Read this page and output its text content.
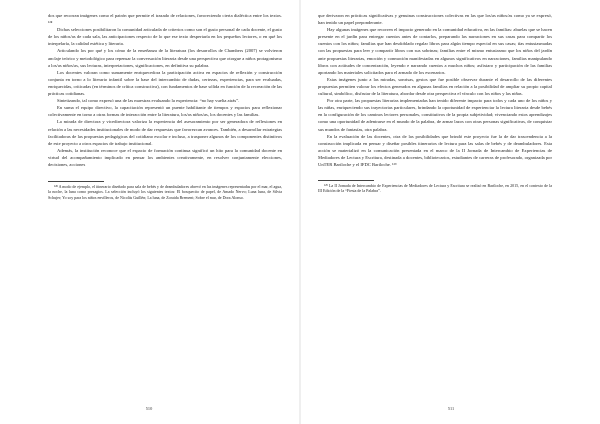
dos que recorran imágenes como el patrón que permite el trazado de relaciones, favoreciendo cierta dialéctica entre los textos. ¹²⁸

Dichas selecciones posibilitaron la comunidad articulada de criterios como son el gusto personal de cada docente, el gusto de los niños/as de cada sala, las anticipaciones respecto de lo que ese texto despertaría en los pequeños lectores, o en qué los interpelaría, la calidad estética y literaria.

Articulando los por qué y los cómo de la enseñanza de la literatura (los desarrollos de Chambers (2007) se volvieron anclaje teórico y metodológico para repensar la conversación literaria desde una perspectiva que otorgue a niños protagonismo a los/as niños/as, sus lecturas, interpretaciones, significaciones, en definitiva su palabra.

Los docentes valoran como sumamente enriquecedora la participación activa en espacios de reflexión y construcción conjunta en torno a lo literario infantil sobre la base del intercambio de dudas, certezas, experiencias, para ser evaluadas, enriquecidas, criticadas (en términos de crítica constructiva), con fundamentos de base sólida en función de la recreación de las prácticas cotidianas.

Sintetizando, tal como expresó una de las maestras evaluando la experiencia: “no hay vuelta atrás”.

En suma el equipo directivo, la capacitación representó un puente habilitante de tiempos y espacios para reflexionar colectivamente en torno a otras formas de interacción entre la literatura, los/as niños/as, los docentes y las familias.

La mirada de directora y vicedirectora valoriza la experiencia del asesoramiento por ser generadora de reflexiones en relación a las necesidades institucionales de modo de dar respuestas que favorezcan avances. También, a desarrollar estrategias facilitadoras de las propuestas pedagógicas del cotidiano escolar e incluso, a trasponer algunos de los componentes distintivos de este proyecto a otros espacios de trabajo institucional.

Además, la institución reconoce que el espacio de formación continua significó un hito para la comunidad docente en virtud del acompañamiento implicado en pensar los ambientes creativamente, en resolver conjuntamente elecciones, decisiones, acciones

¹²⁸ A modo de ejemplo, el itinerario diseñado para sala de bebés y de deambuladores abrevó en las imágenes representadas por el mar, el agua, la noche, la luna como presagios. La selección incluyó los siguientes textos: El bosquecito de papel, de Amado Nervo; Luna luna, de Silvia Schujer; Yo soy para los niños envilleros, de Nicolás Guillén; La luna, de Zoraida Brement; Sobre el mar, de Dora Alonso.

510

que derivaron en prácticas significativas y genuinas construcciones colectivas en las que los/as niños/as como ya se expresó, han tenido un papel preponderante.

Hay algunas imágenes que recorren el impacto generado en la comunidad educativa, en las familias: abuelas que se hacen presente en el jardín para entregar cuentos antes de contarlos, preparando las narraciones en sus casas para compartir los cuentos con los niños; familias que han desdoblado regalar libros para algún tiempo especial en sus casas; tías entusiasmadas con las propuestas para leer y compartir libros con sus sobrinas; familias entre el mismo entusiasmo que los niños del jardín ante propuestas literarias, emoción y conmoción manifestadas en algunos significativos en narraciones, familias manipulando libros con actitudes de concentración, leyendo e narrando cuentos a muchos niños; asfixiaro y participación de las familias aportando los materiales solicitados para el armado de los escenarios.

Estas imágenes junto a las miradas, sonrisas, gestos que fue posible observar durante el desarrollo de las diferentes propuestas permiten valorar los efectos generados en algunas familias en relación a la posibilidad de ampliar su propio capital cultural, simbólico, disfrutar de la literatura, abordar desde otra perspectiva el vínculo con los niños y las niñas.

Por otra parte, las propuestas literarias implementadas han tenido diferente impacto para todos y cada uno de los niños y las niñas, enriqueciendo sus trayectorias particulares, brindando la oportunidad de experienciar la lectura literaria desde bebés en la configuración de los caminos lectores personales, constitutivos de la propia subjetividad; vivenciando estos aprendizajes como una oportunidad de adentrarse en el mundo de la palabra, de armar lazos con otras personas significativas, de conquistar sus mundos de fantasías, otra palabra.

En la evaluación de las docentes, otra de las posibilidades que brindó este proyecto fue la de dar trascendencia a la construcción implicada en pensar y diseñar posibles itinerarios de lectura para las salas de bebés y de deambuladores. Esta acción se materializó en la comunicación presentada en el marco de la II Jornada de Intercambio de Experiencias de Mediadores de Lectura y Escritura, destinada a docentes, bibliotecarios, estudiantes de carreras de profesorado, organizada por UnTER Bariloche y el IFDC Bariloche. ¹²⁹

¹²⁹ La II Jornada de Intercambio de Experiencias de Mediadores de Lectura y Escritura se realizó en Bariloche, en 2015, en el contexto de la III Edición de la “Fiesta de la Palabra”.

511
